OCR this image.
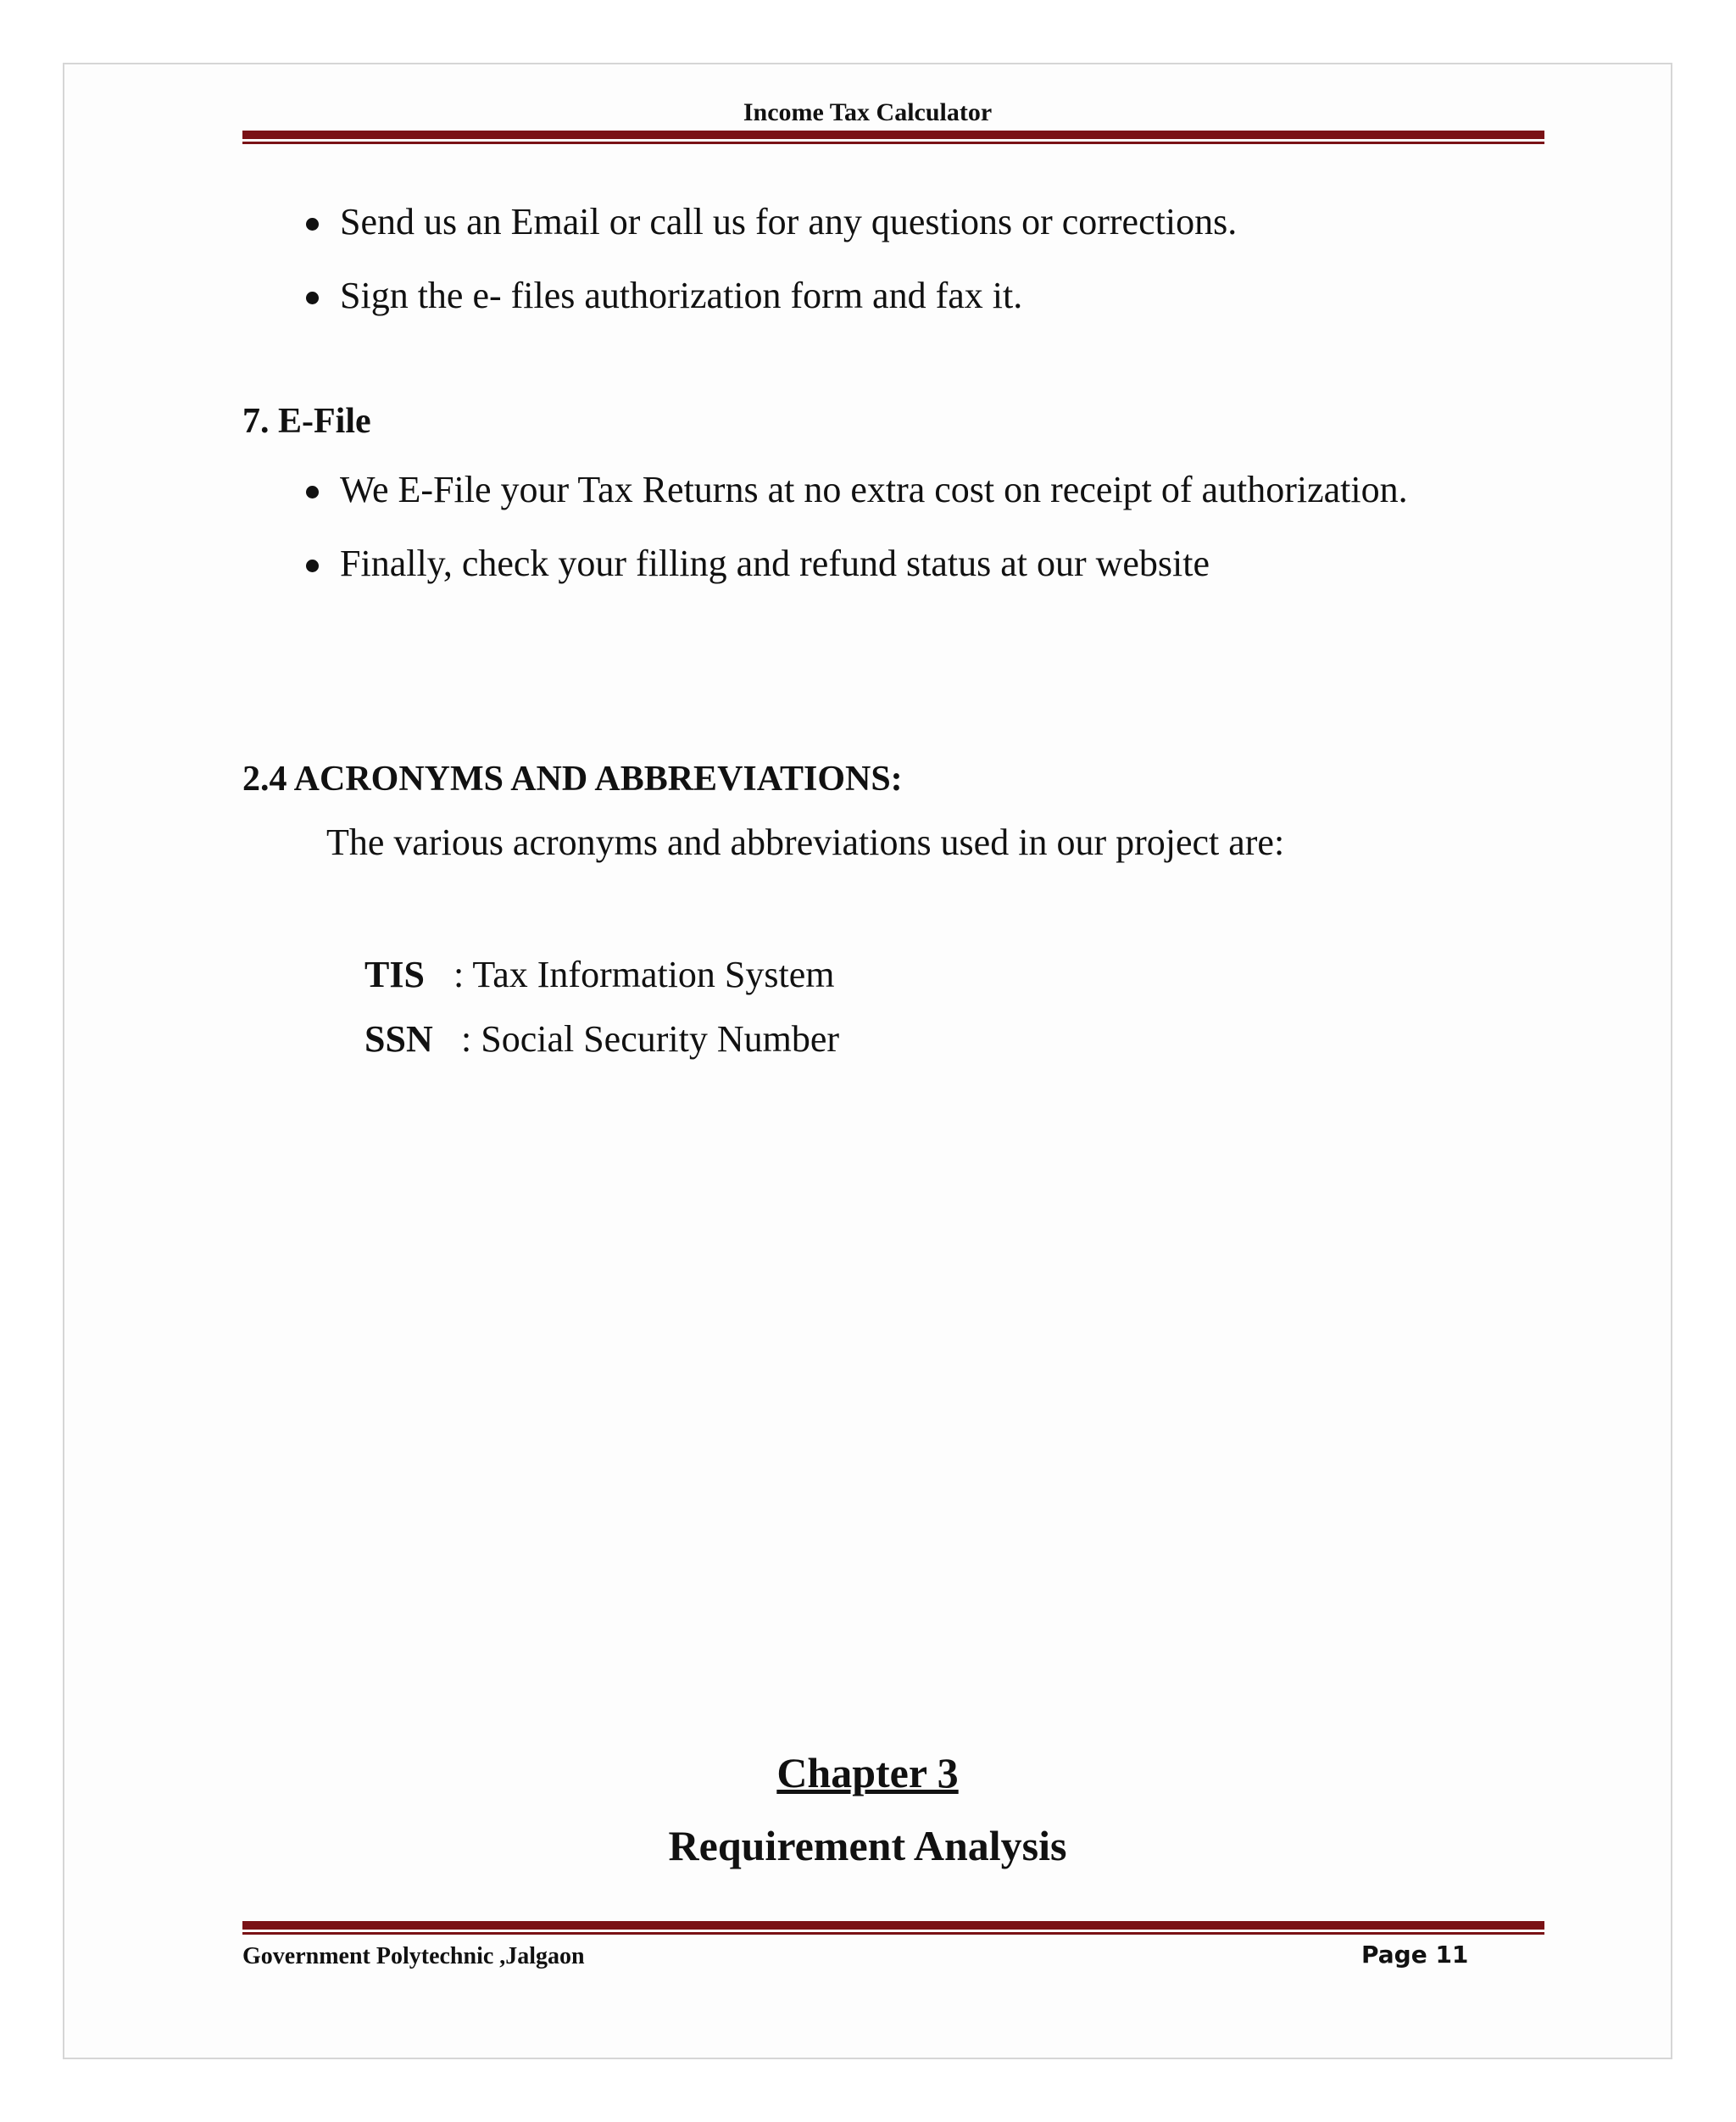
Income Tax Calculator
Send us an Email or call us for any questions or corrections.
Sign the e- files authorization form and fax it.
7. E-File
We E-File your Tax Returns at no extra cost on receipt of authorization.
Finally, check your filling and refund status at our website
2.4 ACRONYMS AND ABBREVIATIONS:
The various acronyms and abbreviations used in our project are:
TIS : Tax Information System
SSN : Social Security Number
Chapter 3
Requirement Analysis
Government Polytechnic ,Jalgaon	Page 11
